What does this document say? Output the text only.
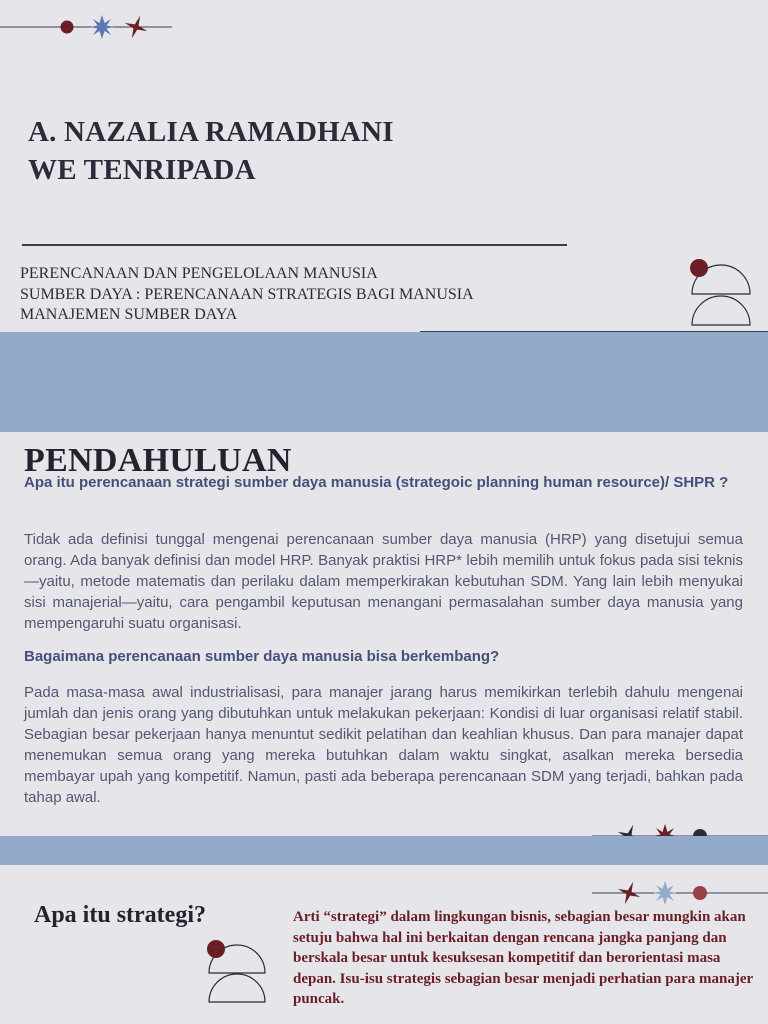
A. NAZALIA RAMADHANI
WE TENRIPADA

PERENCANAAN DAN PENGELOLAAN MANUSIA

SUMBER DAYA : PERENCANAAN STRATEGIS BAGI MANUSIA

MANAJEMEN SUMBER DAYA

PENDAHULUAN

Apa itu perencanaan strategi sumber daya manusia (strategoic planning human resource)/ SHPR ?

Tidak ada definisi tunggal mengenai perencanaan sumber daya manusia (HRP) yang disetujui semua orang. Ada banyak definisi dan model HRP. Banyak praktisi HRP* lebih memilih untuk fokus pada sisi teknis—yaitu, metode matematis dan perilaku dalam memperkirakan kebutuhan SDM. Yang lain lebih menyukai sisi manajerial—yaitu, cara pengambil keputusan menangani permasalahan sumber daya manusia yang mempengaruhi suatu organisasi.

Bagaimana perencanaan sumber daya manusia bisa berkembang?

Pada masa-masa awal industrialisasi, para manajer jarang harus memikirkan terlebih dahulu mengenai jumlah dan jenis orang yang dibutuhkan untuk melakukan pekerjaan: Kondisi di luar organisasi relatif stabil. Sebagian besar pekerjaan hanya menuntut sedikit pelatihan dan keahlian khusus. Dan para manajer dapat menemukan semua orang yang mereka butuhkan dalam waktu singkat, asalkan mereka bersedia membayar upah yang kompetitif. Namun, pasti ada beberapa perencanaan SDM yang terjadi, bahkan pada tahap awal.

Apa itu strategi?	Arti “strategi” dalam lingkungan bisnis, sebagian besar mungkin akan setuju bahwa hal ini berkaitan dengan rencana jangka panjang dan berskala besar untuk kesuksesan kompetitif dan berorientasi masa depan. Isu-isu strategis sebagian besar menjadi perhatian para manajer puncak.
